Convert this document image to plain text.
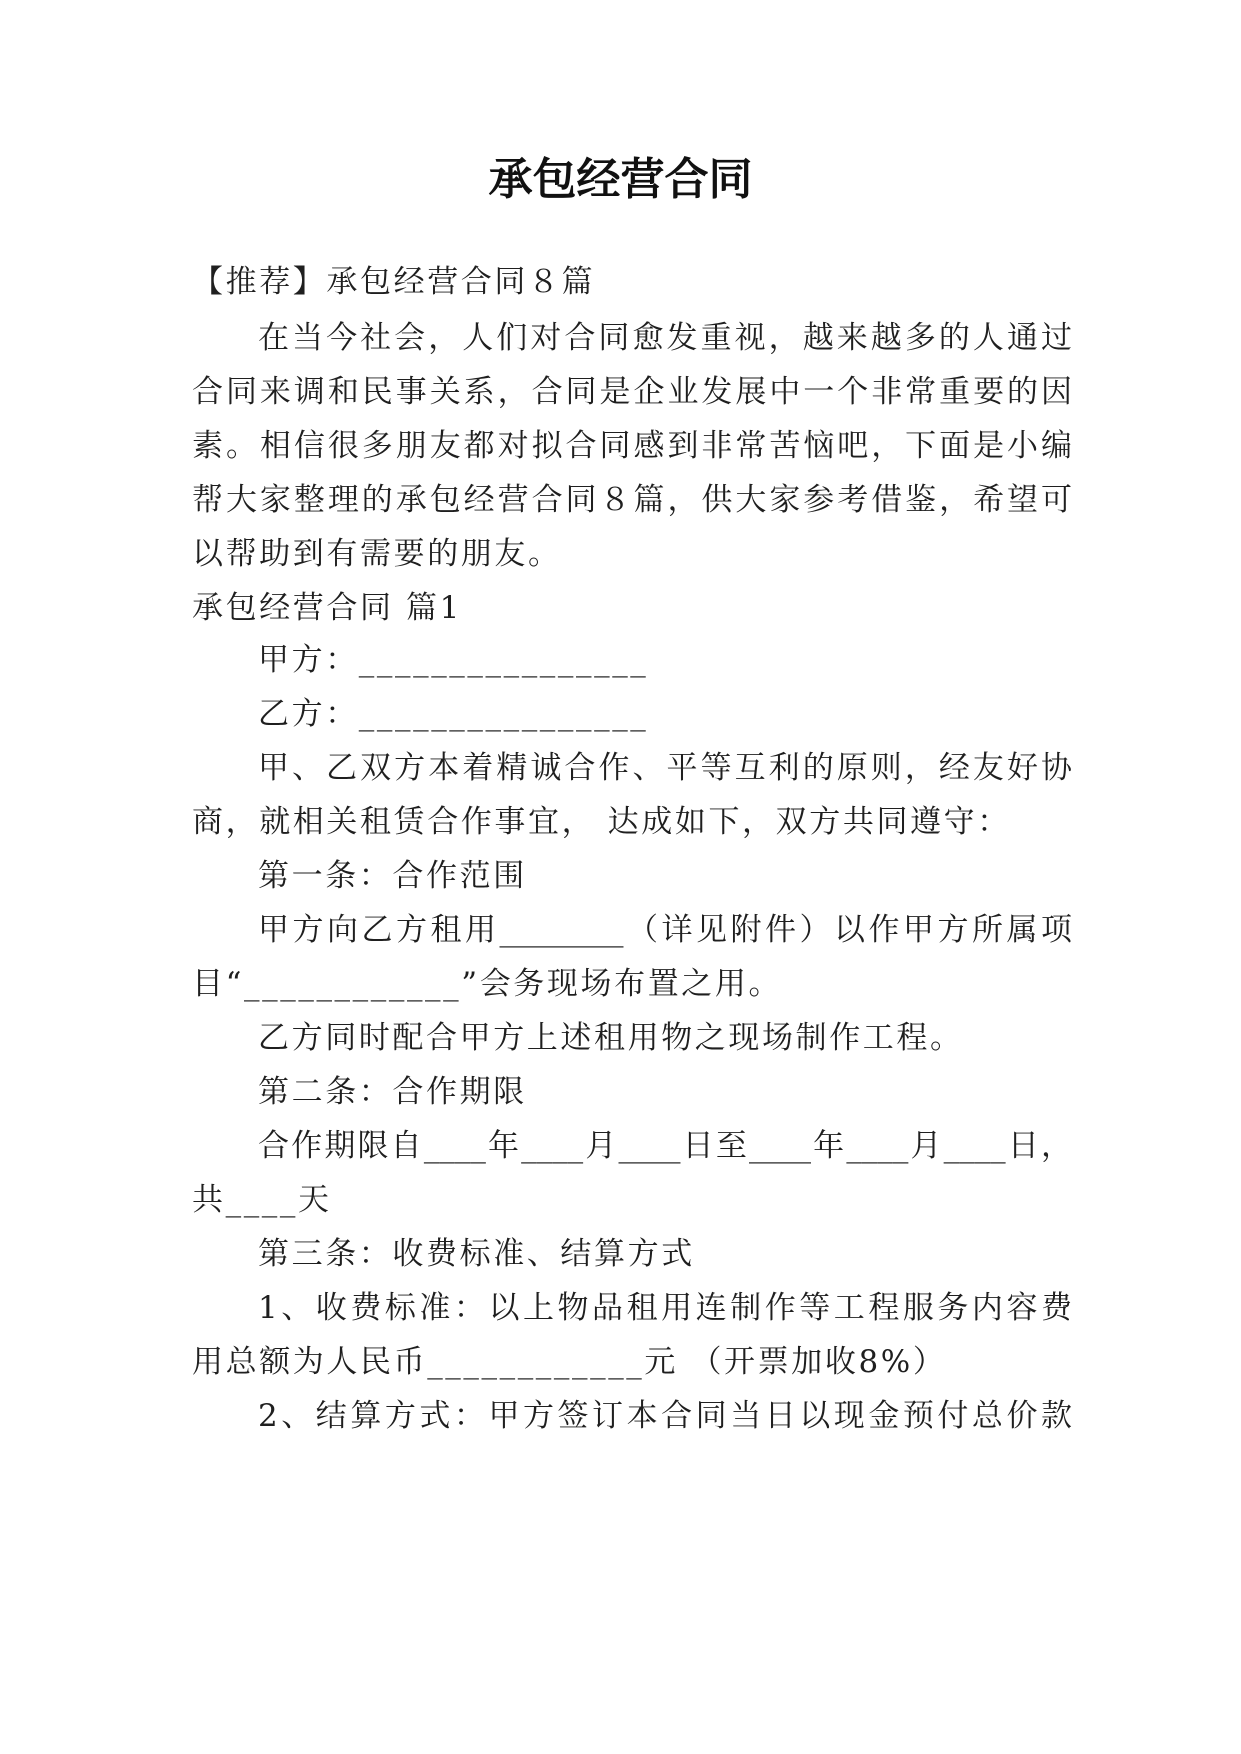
承包经营合同
【推荐】承包经营合同８篇
在当今社会，人们对合同愈发重视，越来越多的人通过
合同来调和民事关系，合同是企业发展中一个非常重要的因
素。相信很多朋友都对拟合同感到非常苦恼吧，下面是小编
帮大家整理的承包经营合同８篇，供大家参考借鉴，希望可
以帮助到有需要的朋友。
承包经营合同 篇1
甲方：________________
乙方：________________
甲、乙双方本着精诚合作、平等互利的原则，经友好协
商，就相关租赁合作事宜， 达成如下，双方共同遵守：
第一条：合作范围
甲方向乙方租用________（详见附件）以作甲方所属项
目“____________”会务现场布置之用。
乙方同时配合甲方上述租用物之现场制作工程。
第二条：合作期限
合作期限自____年____月____日至____年____月____日，
共____天
第三条：收费标准、结算方式
1、收费标准：以上物品租用连制作等工程服务内容费
用总额为人民币____________元 （开票加收8%）
2、结算方式：甲方签订本合同当日以现金预付总价款
